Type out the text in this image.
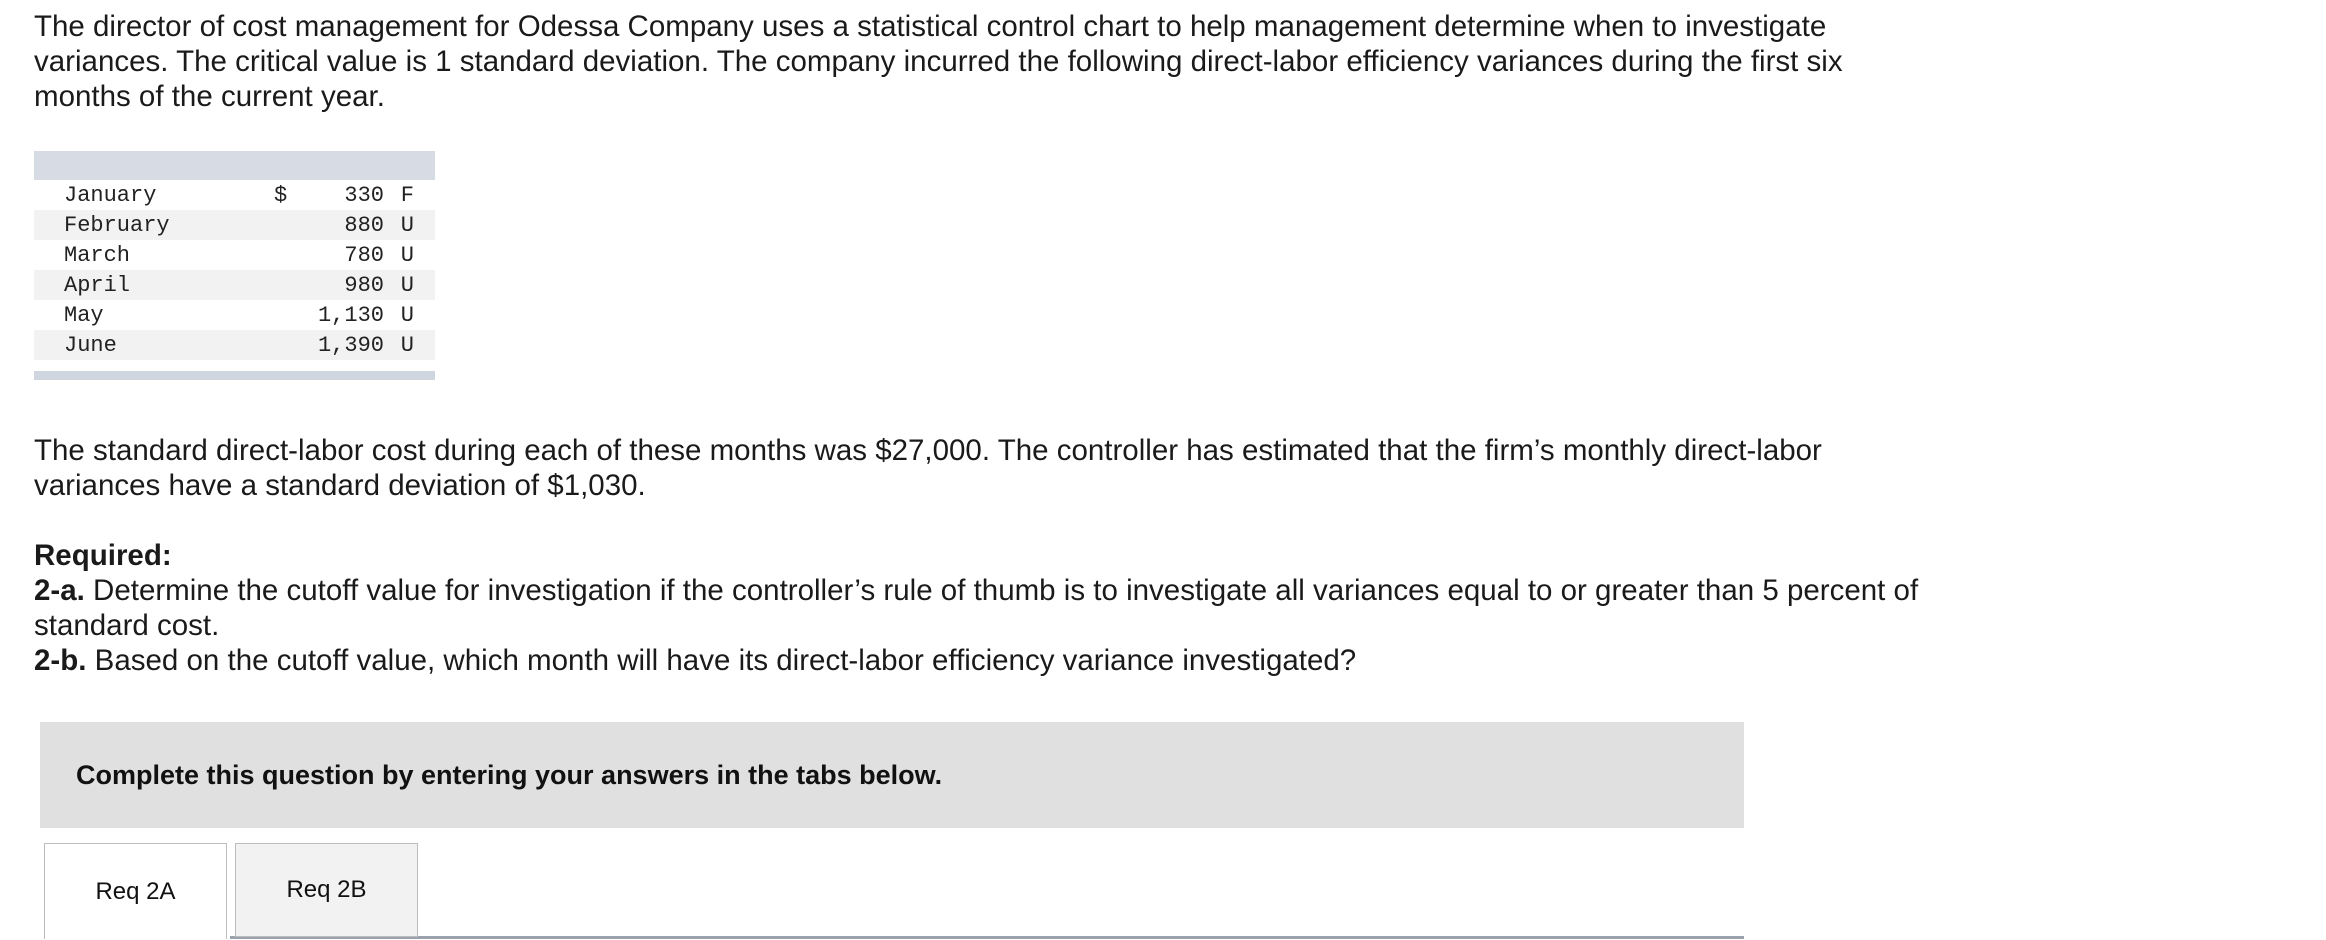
The director of cost management for Odessa Company uses a statistical control chart to help management determine when to investigate variances. The critical value is 1 standard deviation. The company incurred the following direct-labor efficiency variances during the first six months of the current year.

January	$	330 F
February	880 U
March	780 U
April	980 U
May	1,130 U
June	1,390 U

The standard direct-labor cost during each of these months was $27,000. The controller has estimated that the firm’s monthly direct-labor variances have a standard deviation of $1,030.

Required:
2-a. Determine the cutoff value for investigation if the controller’s rule of thumb is to investigate all variances equal to or greater than 5 percent of standard cost.
2-b. Based on the cutoff value, which month will have its direct-labor efficiency variance investigated?
Complete this question by entering your answers in the tabs below.
Req 2A	Req 2B
